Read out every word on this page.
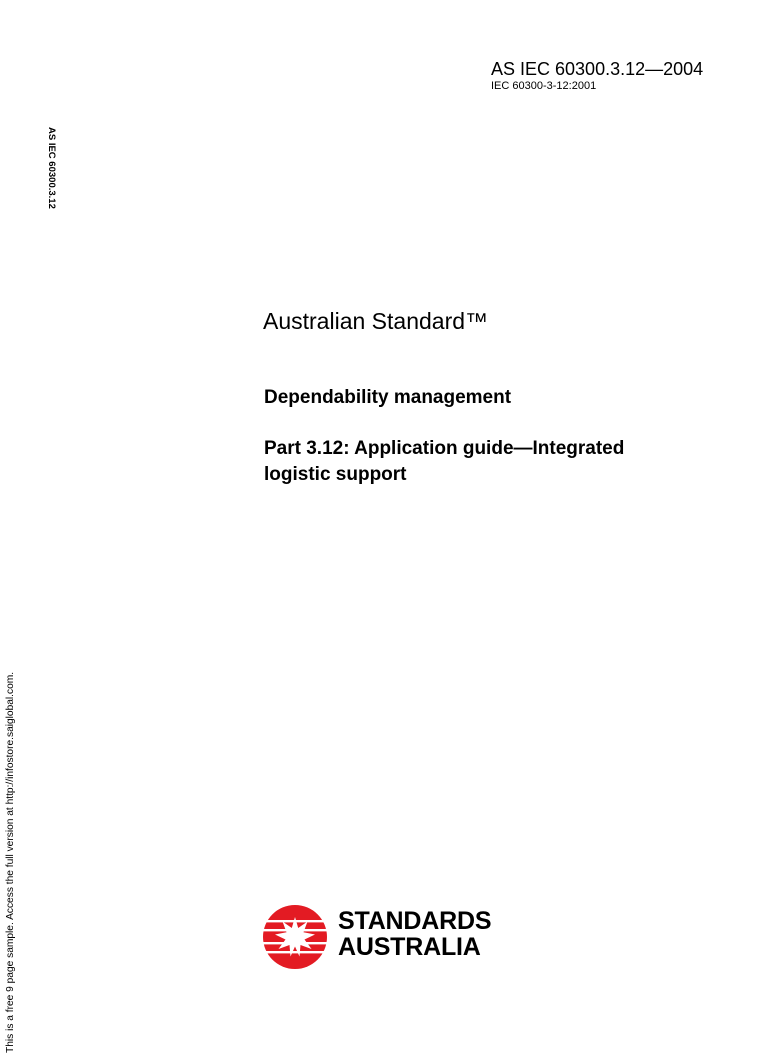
AS IEC 60300.3.12—2004
IEC 60300-3-12:2001
AS IEC 60300.3.12
This is a free 9 page sample. Access the full version at http://infostore.saiglobal.com.
Australian Standard™
Dependability management
Part 3.12: Application guide—Integrated
logistic support
STANDARDS
AUSTRALIA
